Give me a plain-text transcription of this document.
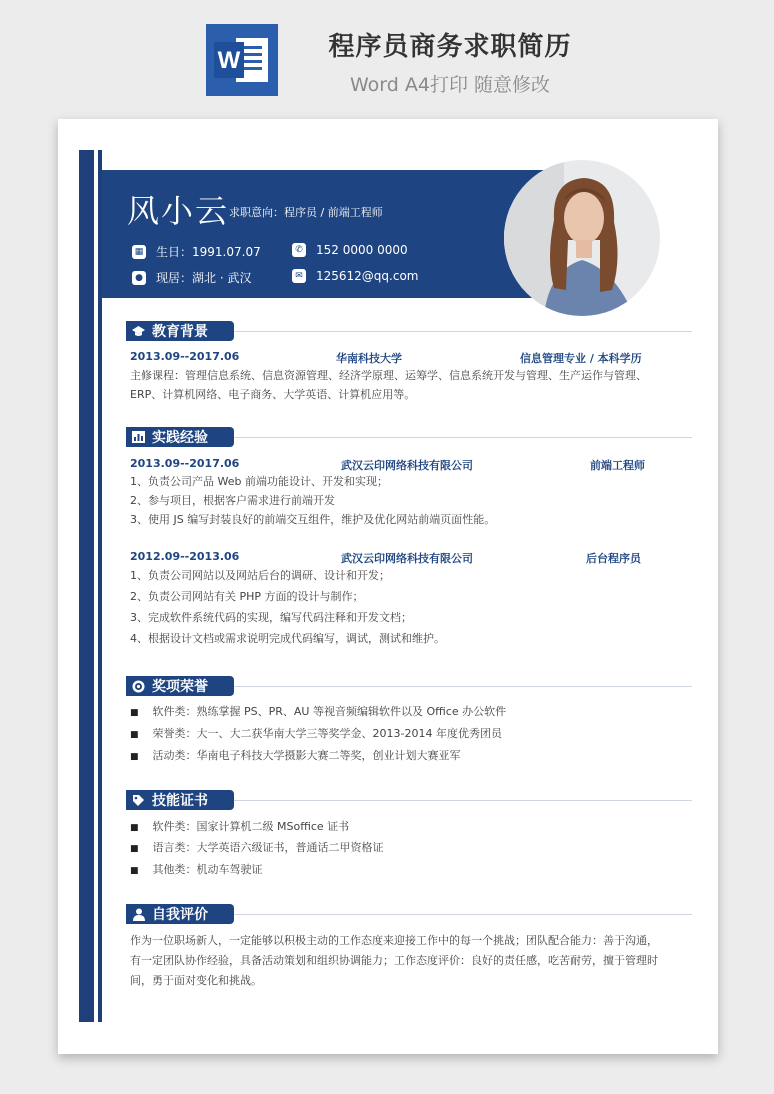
W	程序员商务求职简历
Word A4打印 随意修改
风小云 求职意向：程序员 / 前端工程师
▦ 生日：1991.07.07
● 现居：湖北 · 武汉
✆ 152 0000 0000
✉ 125612@qq.com
教育背景
2013.09--2017.06	华南科技大学	信息管理专业 / 本科学历
主修课程：管理信息系统、信息资源管理、经济学原理、运筹学、信息系统开发与管理、生产运作与管理、ERP、计算机网络、电子商务、大学英语、计算机应用等。
实践经验
2013.09--2017.06	武汉云印网络科技有限公司	前端工程师
1、负责公司产品 Web 前端功能设计、开发和实现；
2、参与项目，根据客户需求进行前端开发
3、使用 JS 编写封装良好的前端交互组件，维护及优化网站前端页面性能。
2012.09--2013.06	武汉云印网络科技有限公司	后台程序员
1、负责公司网站以及网站后台的调研、设计和开发；
2、负责公司网站有关 PHP 方面的设计与制作；
3、完成软件系统代码的实现，编写代码注释和开发文档；
4、根据设计文档或需求说明完成代码编写，调试，测试和维护。
奖项荣誉
■ 软件类：熟练掌握 PS、PR、AU 等视音频编辑软件以及 Office 办公软件
■ 荣誉类：大一、大二获华南大学三等奖学金、2013-2014 年度优秀团员
■ 活动类：华南电子科技大学摄影大赛二等奖，创业计划大赛亚军
技能证书
■ 软件类：国家计算机二级 MSoffice 证书
■ 语言类：大学英语六级证书，普通话二甲资格证
■ 其他类：机动车驾驶证
自我评价
作为一位职场新人，一定能够以积极主动的工作态度来迎接工作中的每一个挑战；团队配合能力：善于沟通，有一定团队协作经验，具备活动策划和组织协调能力；工作态度评价：良好的责任感，吃苦耐劳，擅于管理时间，勇于面对变化和挑战。
